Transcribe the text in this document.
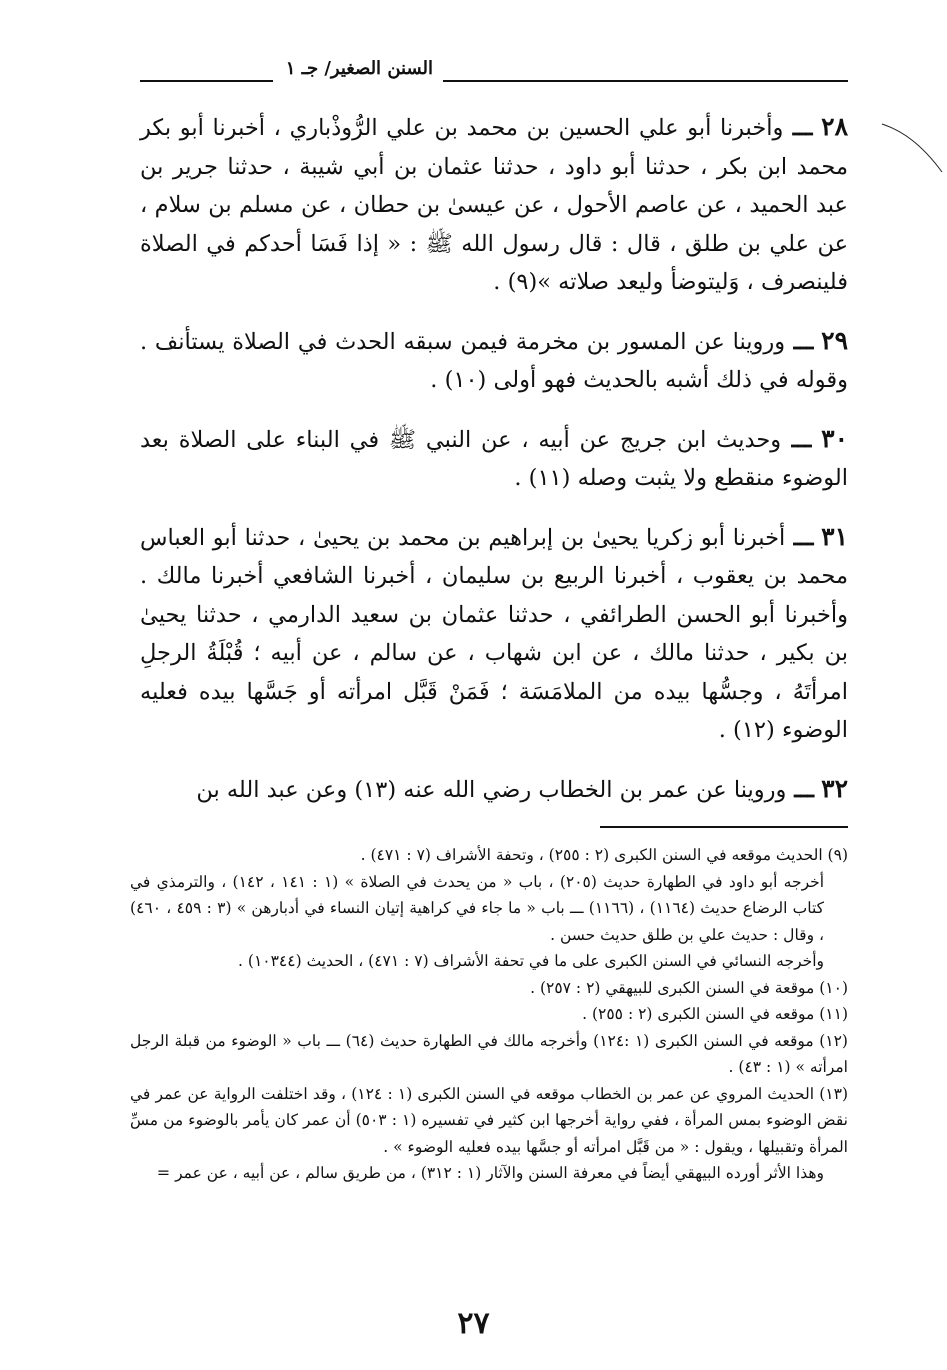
السنن الصغير/ جـ ١

٢٨ ـــ وأخبرنا أبو علي الحسين بن محمد بن علي الرُّوذْباري ، أخبرنا أبو بكر محمد ابن بكر ، حدثنا أبو داود ، حدثنا عثمان بن أبي شيبة ، حدثنا جرير بن عبد الحميد ، عن عاصم الأحول ، عن عيسىٰ بن حطان ، عن مسلم بن سلام ، عن علي بن طلق ، قال : قال رسول الله ﷺ : « إذا فَسَا أحدكم في الصلاة فلينصرف ، وَليتوضأ وليعد صلاته »(٩) .

٢٩ ـــ وروينا عن المسور بن مخرمة فيمن سبقه الحدث في الصلاة يستأنف . وقوله في ذلك أشبه بالحديث فهو أولى (١٠) .

٣٠ ـــ وحديث ابن جريج عن أبيه ، عن النبي ﷺ في البناء على الصلاة بعد الوضوء منقطع ولا يثبت وصله (١١) .

٣١ ـــ أخبرنا أبو زكريا يحيىٰ بن إبراهيم بن محمد بن يحيىٰ ، حدثنا أبو العباس محمد بن يعقوب ، أخبرنا الربيع بن سليمان ، أخبرنا الشافعي أخبرنا مالك . وأخبرنا أبو الحسن الطرائفي ، حدثنا عثمان بن سعيد الدارمي ، حدثنا يحيىٰ بن بكير ، حدثنا مالك ، عن ابن شهاب ، عن سالم ، عن أبيه ؛ قُبْلَةُ الرجلِ امرأتَهُ ، وجسُّها بيده من الملامَسَة ؛ فَمَنْ قَبَّل امرأته أو جَسَّها بيده فعليه الوضوء (١٢) .

٣٢ ـــ وروينا عن عمر بن الخطاب رضي الله عنه (١٣) وعن عبد الله بن

(٩) الحديث موقعه في السنن الكبرى (٢ : ٢٥٥) ، وتحفة الأشراف (٧ : ٤٧١) .

أخرجه أبو داود في الطهارة حديث (٢٠٥) ، باب « من يحدث في الصلاة » (١ : ١٤١ ، ١٤٢) ، والترمذي في كتاب الرضاع حديث (١١٦٤) ، (١١٦٦) ـــ باب « ما جاء في كراهية إتيان النساء في أدبارهن » (٣ : ٤٥٩ ، ٤٦٠) ، وقال : حديث علي بن طلق حديث حسن .

وأخرجه النسائي في السنن الكبرى على ما في تحفة الأشراف (٧ : ٤٧١) ، الحديث (١٠٣٤٤) .

(١٠) موقعة في السنن الكبرى للبيهقي (٢ : ٢٥٧) .

(١١) موقعه في السنن الكبرى (٢ : ٢٥٥) .

(١٢) موقعه في السنن الكبرى (١ :١٢٤) وأخرجه مالك في الطهارة حديث (٦٤) ـــ باب « الوضوء من قبلة الرجل امرأته » (١ : ٤٣) .

(١٣) الحديث المروي عن عمر بن الخطاب موقعه في السنن الكبرى (١ : ١٢٤) ، وقد اختلفت الرواية عن عمر في نقض الوضوء بمس المرأة ، ففي رواية أخرجها ابن كثير في تفسيره (١ : ٥٠٣) أن عمر كان يأمر بالوضوء من مسِّ المرأة وتقبيلها ، ويقول : « من قَبَّل امرأته أو جسَّها بيده فعليه الوضوء » .

وهذا الأثر أورده البيهقي أيضاً في معرفة السنن والآثار (١ : ٣١٢) ، من طريق سالم ، عن أبيه ، عن عمر =

٢٧
